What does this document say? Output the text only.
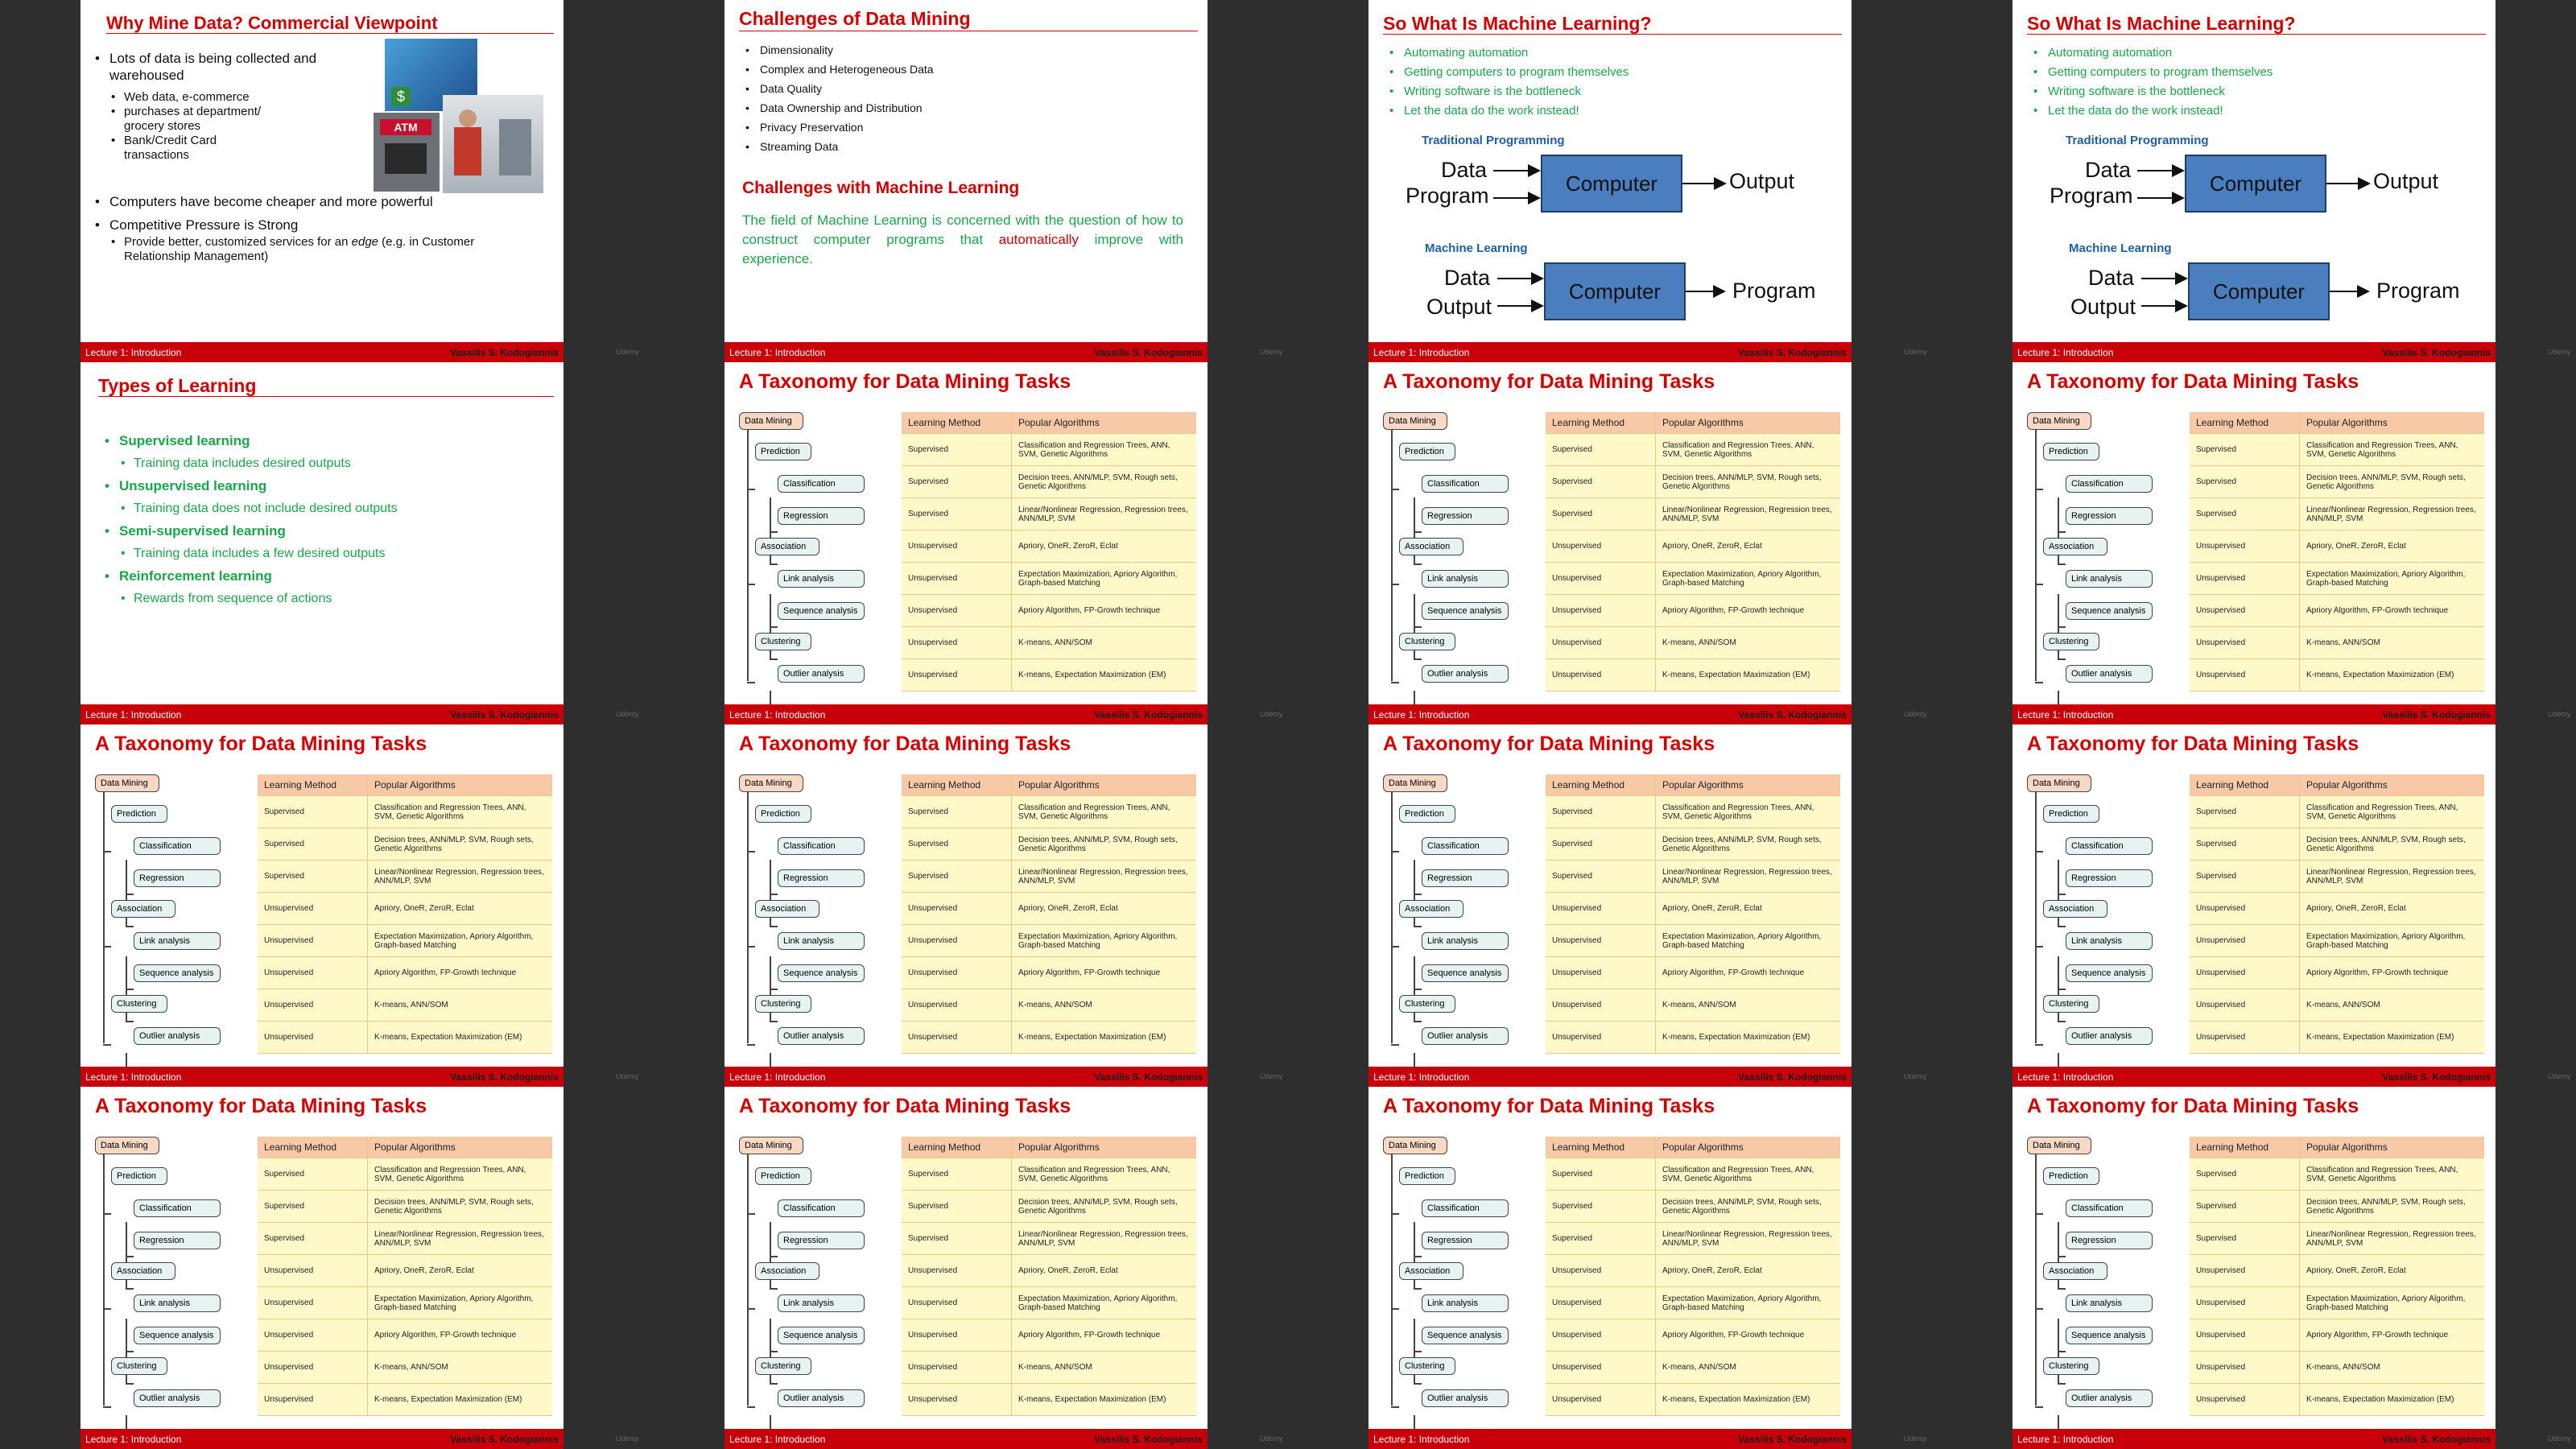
Why Mine Data? Commercial Viewpoint
• Lots of data is being collected and warehoused
• Web data, e-commerce
• purchases at department/ grocery stores
• Bank/Credit Card transactions
• Computers have become cheaper and more powerful
• Competitive Pressure is Strong
• Provide better, customized services for an edge (e.g. in Customer Relationship Management)
$
ATM
Lecture 1: Introduction	Vassilis S. Kodogiannis	Udemy
Challenges of Data Mining
• Dimensionality
• Complex and Heterogeneous Data
• Data Quality
• Data Ownership and Distribution
• Privacy Preservation
• Streaming Data
Challenges with Machine Learning
The field of Machine Learning is concerned with the question of how to construct computer programs that automatically improve with experience.
Lecture 1: Introduction	Vassilis S. Kodogiannis	Udemy
So What Is Machine Learning?
• Automating automation
• Getting computers to program themselves
• Writing software is the bottleneck
• Let the data do the work instead!
Traditional Programming
Data
Program
Computer	Output
Machine Learning
Data
Output
Computer	Program
Lecture 1: Introduction	Vassilis S. Kodogiannis	Udemy
So What Is Machine Learning?
• Automating automation
• Getting computers to program themselves
• Writing software is the bottleneck
• Let the data do the work instead!
Traditional Programming
Data
Program
Computer	Output
Machine Learning
Data
Output
Computer	Program
Lecture 1: Introduction	Vassilis S. Kodogiannis	Udemy
Types of Learning
• Supervised learning
• Training data includes desired outputs
• Unsupervised learning
• Training data does not include desired outputs
• Semi-supervised learning
• Training data includes a few desired outputs
• Reinforcement learning
• Rewards from sequence of actions
Lecture 1: Introduction	Vassilis S. Kodogiannis	Udemy
A Taxonomy for Data Mining Tasks
Data Mining
Prediction
Classification
Regression
Association
Link analysis
Sequence analysis
Clustering
Outlier analysis
Learning Method	Popular Algorithms
Supervised	Classification and Regression Trees, ANN, SVM, Genetic Algorithms
Supervised	Decision trees, ANN/MLP, SVM, Rough sets, Genetic Algorithms
Supervised	Linear/Nonlinear Regression, Regression trees, ANN/MLP, SVM
Unsupervised	Apriory, OneR, ZeroR, Eclat
Unsupervised	Expectation Maximization, Apriory Algorithm, Graph-based Matching
Unsupervised	Apriory Algorithm, FP-Growth technique
Unsupervised	K-means, ANN/SOM
Unsupervised	K-means, Expectation Maximization (EM)
Lecture 1: Introduction	Vassilis S. Kodogiannis	Udemy
A Taxonomy for Data Mining Tasks
Data Mining
Prediction
Classification
Regression
Association
Link analysis
Sequence analysis
Clustering
Outlier analysis
Learning Method	Popular Algorithms
Supervised	Classification and Regression Trees, ANN, SVM, Genetic Algorithms
Supervised	Decision trees, ANN/MLP, SVM, Rough sets, Genetic Algorithms
Supervised	Linear/Nonlinear Regression, Regression trees, ANN/MLP, SVM
Unsupervised	Apriory, OneR, ZeroR, Eclat
Unsupervised	Expectation Maximization, Apriory Algorithm, Graph-based Matching
Unsupervised	Apriory Algorithm, FP-Growth technique
Unsupervised	K-means, ANN/SOM
Unsupervised	K-means, Expectation Maximization (EM)
Lecture 1: Introduction	Vassilis S. Kodogiannis	Udemy
A Taxonomy for Data Mining Tasks
Data Mining
Prediction
Classification
Regression
Association
Link analysis
Sequence analysis
Clustering
Outlier analysis
Learning Method	Popular Algorithms
Supervised	Classification and Regression Trees, ANN, SVM, Genetic Algorithms
Supervised	Decision trees, ANN/MLP, SVM, Rough sets, Genetic Algorithms
Supervised	Linear/Nonlinear Regression, Regression trees, ANN/MLP, SVM
Unsupervised	Apriory, OneR, ZeroR, Eclat
Unsupervised	Expectation Maximization, Apriory Algorithm, Graph-based Matching
Unsupervised	Apriory Algorithm, FP-Growth technique
Unsupervised	K-means, ANN/SOM
Unsupervised	K-means, Expectation Maximization (EM)
Lecture 1: Introduction	Vassilis S. Kodogiannis	Udemy
A Taxonomy for Data Mining Tasks
Data Mining
Prediction
Classification
Regression
Association
Link analysis
Sequence analysis
Clustering
Outlier analysis
Learning Method	Popular Algorithms
Supervised	Classification and Regression Trees, ANN, SVM, Genetic Algorithms
Supervised	Decision trees, ANN/MLP, SVM, Rough sets, Genetic Algorithms
Supervised	Linear/Nonlinear Regression, Regression trees, ANN/MLP, SVM
Unsupervised	Apriory, OneR, ZeroR, Eclat
Unsupervised	Expectation Maximization, Apriory Algorithm, Graph-based Matching
Unsupervised	Apriory Algorithm, FP-Growth technique
Unsupervised	K-means, ANN/SOM
Unsupervised	K-means, Expectation Maximization (EM)
Lecture 1: Introduction	Vassilis S. Kodogiannis	Udemy
A Taxonomy for Data Mining Tasks
Data Mining
Prediction
Classification
Regression
Association
Link analysis
Sequence analysis
Clustering
Outlier analysis
Learning Method	Popular Algorithms
Supervised	Classification and Regression Trees, ANN, SVM, Genetic Algorithms
Supervised	Decision trees, ANN/MLP, SVM, Rough sets, Genetic Algorithms
Supervised	Linear/Nonlinear Regression, Regression trees, ANN/MLP, SVM
Unsupervised	Apriory, OneR, ZeroR, Eclat
Unsupervised	Expectation Maximization, Apriory Algorithm, Graph-based Matching
Unsupervised	Apriory Algorithm, FP-Growth technique
Unsupervised	K-means, ANN/SOM
Unsupervised	K-means, Expectation Maximization (EM)
Lecture 1: Introduction	Vassilis S. Kodogiannis	Udemy
A Taxonomy for Data Mining Tasks
Data Mining
Prediction
Classification
Regression
Association
Link analysis
Sequence analysis
Clustering
Outlier analysis
Learning Method	Popular Algorithms
Supervised	Classification and Regression Trees, ANN, SVM, Genetic Algorithms
Supervised	Decision trees, ANN/MLP, SVM, Rough sets, Genetic Algorithms
Supervised	Linear/Nonlinear Regression, Regression trees, ANN/MLP, SVM
Unsupervised	Apriory, OneR, ZeroR, Eclat
Unsupervised	Expectation Maximization, Apriory Algorithm, Graph-based Matching
Unsupervised	Apriory Algorithm, FP-Growth technique
Unsupervised	K-means, ANN/SOM
Unsupervised	K-means, Expectation Maximization (EM)
Lecture 1: Introduction	Vassilis S. Kodogiannis	Udemy
A Taxonomy for Data Mining Tasks
Data Mining
Prediction
Classification
Regression
Association
Link analysis
Sequence analysis
Clustering
Outlier analysis
Learning Method	Popular Algorithms
Supervised	Classification and Regression Trees, ANN, SVM, Genetic Algorithms
Supervised	Decision trees, ANN/MLP, SVM, Rough sets, Genetic Algorithms
Supervised	Linear/Nonlinear Regression, Regression trees, ANN/MLP, SVM
Unsupervised	Apriory, OneR, ZeroR, Eclat
Unsupervised	Expectation Maximization, Apriory Algorithm, Graph-based Matching
Unsupervised	Apriory Algorithm, FP-Growth technique
Unsupervised	K-means, ANN/SOM
Unsupervised	K-means, Expectation Maximization (EM)
Lecture 1: Introduction	Vassilis S. Kodogiannis	Udemy
A Taxonomy for Data Mining Tasks
Data Mining
Prediction
Classification
Regression
Association
Link analysis
Sequence analysis
Clustering
Outlier analysis
Learning Method	Popular Algorithms
Supervised	Classification and Regression Trees, ANN, SVM, Genetic Algorithms
Supervised	Decision trees, ANN/MLP, SVM, Rough sets, Genetic Algorithms
Supervised	Linear/Nonlinear Regression, Regression trees, ANN/MLP, SVM
Unsupervised	Apriory, OneR, ZeroR, Eclat
Unsupervised	Expectation Maximization, Apriory Algorithm, Graph-based Matching
Unsupervised	Apriory Algorithm, FP-Growth technique
Unsupervised	K-means, ANN/SOM
Unsupervised	K-means, Expectation Maximization (EM)
Lecture 1: Introduction	Vassilis S. Kodogiannis	Udemy
A Taxonomy for Data Mining Tasks
Data Mining
Prediction
Classification
Regression
Association
Link analysis
Sequence analysis
Clustering
Outlier analysis
Learning Method	Popular Algorithms
Supervised	Classification and Regression Trees, ANN, SVM, Genetic Algorithms
Supervised	Decision trees, ANN/MLP, SVM, Rough sets, Genetic Algorithms
Supervised	Linear/Nonlinear Regression, Regression trees, ANN/MLP, SVM
Unsupervised	Apriory, OneR, ZeroR, Eclat
Unsupervised	Expectation Maximization, Apriory Algorithm, Graph-based Matching
Unsupervised	Apriory Algorithm, FP-Growth technique
Unsupervised	K-means, ANN/SOM
Unsupervised	K-means, Expectation Maximization (EM)
Lecture 1: Introduction	Vassilis S. Kodogiannis	Udemy
A Taxonomy for Data Mining Tasks
Data Mining
Prediction
Classification
Regression
Association
Link analysis
Sequence analysis
Clustering
Outlier analysis
Learning Method	Popular Algorithms
Supervised	Classification and Regression Trees, ANN, SVM, Genetic Algorithms
Supervised	Decision trees, ANN/MLP, SVM, Rough sets, Genetic Algorithms
Supervised	Linear/Nonlinear Regression, Regression trees, ANN/MLP, SVM
Unsupervised	Apriory, OneR, ZeroR, Eclat
Unsupervised	Expectation Maximization, Apriory Algorithm, Graph-based Matching
Unsupervised	Apriory Algorithm, FP-Growth technique
Unsupervised	K-means, ANN/SOM
Unsupervised	K-means, Expectation Maximization (EM)
Lecture 1: Introduction	Vassilis S. Kodogiannis	Udemy
A Taxonomy for Data Mining Tasks
Data Mining
Prediction
Classification
Regression
Association
Link analysis
Sequence analysis
Clustering
Outlier analysis
Learning Method	Popular Algorithms
Supervised	Classification and Regression Trees, ANN, SVM, Genetic Algorithms
Supervised	Decision trees, ANN/MLP, SVM, Rough sets, Genetic Algorithms
Supervised	Linear/Nonlinear Regression, Regression trees, ANN/MLP, SVM
Unsupervised	Apriory, OneR, ZeroR, Eclat
Unsupervised	Expectation Maximization, Apriory Algorithm, Graph-based Matching
Unsupervised	Apriory Algorithm, FP-Growth technique
Unsupervised	K-means, ANN/SOM
Unsupervised	K-means, Expectation Maximization (EM)
Lecture 1: Introduction	Vassilis S. Kodogiannis	Udemy
